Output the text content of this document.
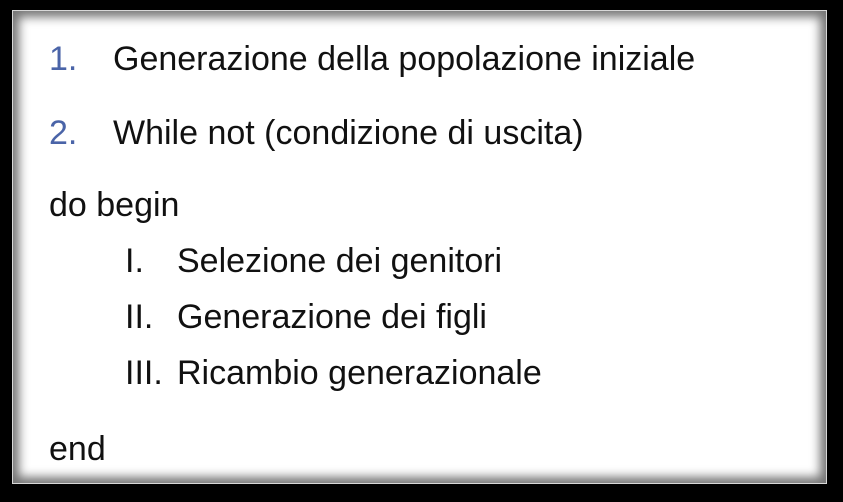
1. Generazione della popolazione iniziale
2. While not (condizione di uscita)
do begin
I. Selezione dei genitori
II. Generazione dei figli
III. Ricambio generazionale
end
